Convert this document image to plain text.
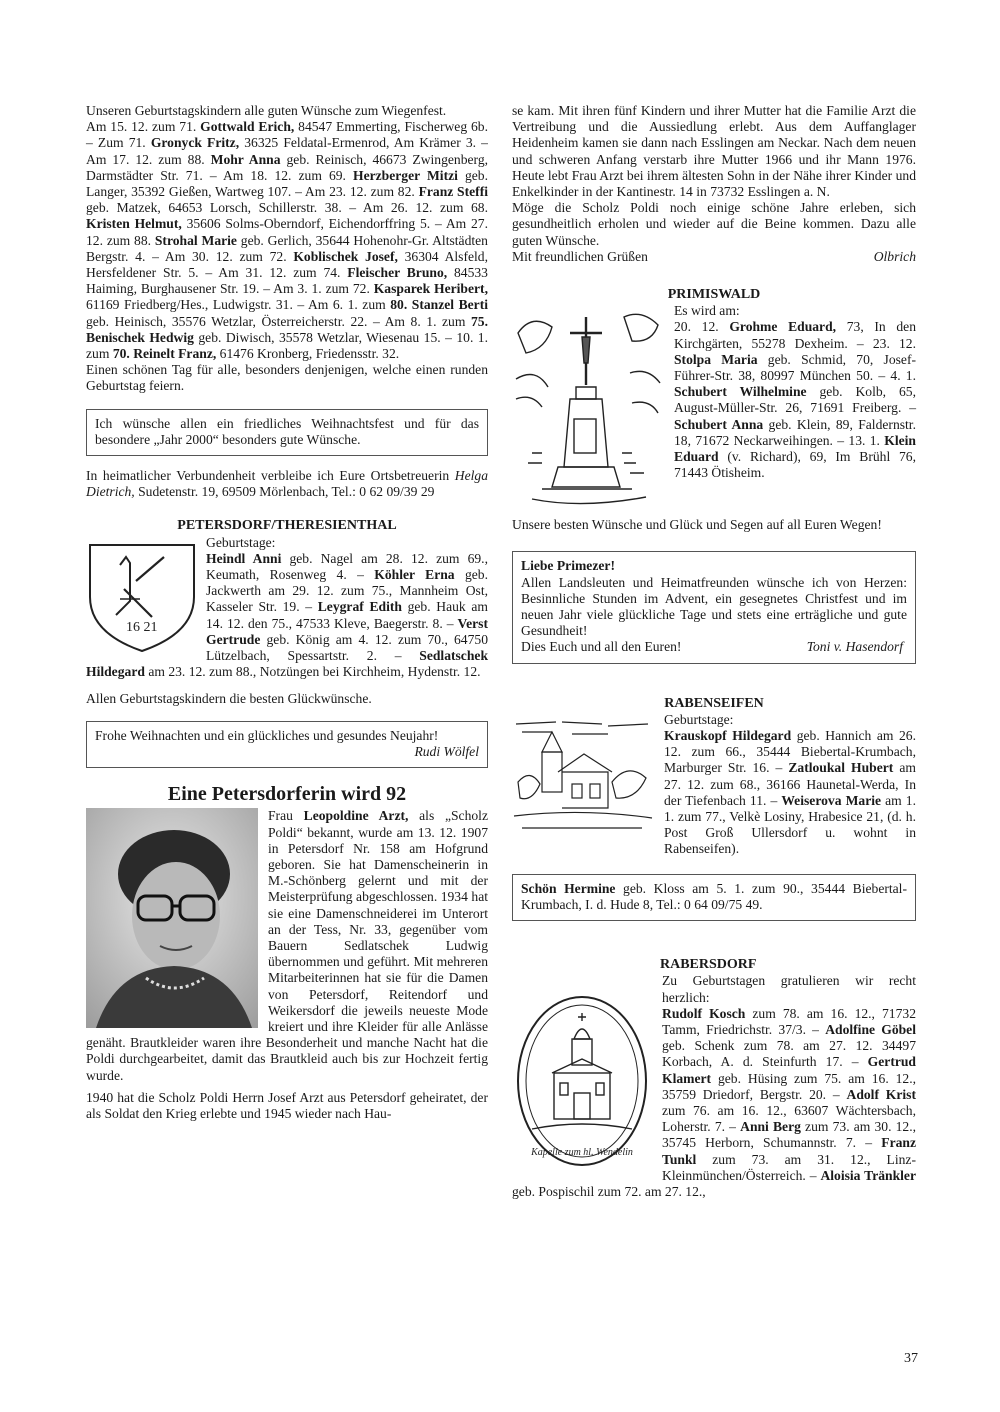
Unseren Geburtstagskindern alle guten Wünsche zum Wiegenfest.

Am 15. 12. zum 71. Gottwald Erich, 84547 Emmerting, Fischerweg 6b. – Zum 71. Gronyck Fritz, 36325 Feldatal-Ermenrod, Am Krämer 3. – Am 17. 12. zum 88. Mohr Anna geb. Reinisch, 46673 Zwingenberg, Darmstädter Str. 71. – Am 18. 12. zum 69. Herzberger Mitzi geb. Langer, 35392 Gießen, Wartweg 107. – Am 23. 12. zum 82. Franz Steffi geb. Matzek, 64653 Lorsch, Schillerstr. 38. – Am 26. 12. zum 68. Kristen Helmut, 35606 Solms-Oberndorf, Eichendorffring 5. – Am 27. 12. zum 88. Strohal Marie geb. Gerlich, 35644 Hohenohr-Gr. Altstädten Bergstr. 4. – Am 30. 12. zum 72. Koblischek Josef, 36304 Alsfeld, Hersfeldener Str. 5. – Am 31. 12. zum 74. Fleischer Bruno, 84533 Haiming, Burghausener Str. 19. – Am 3. 1. zum 72. Kasparek Heribert, 61169 Friedberg/Hes., Ludwigstr. 31. – Am 6. 1. zum 80. Stanzel Berti geb. Heinisch, 35576 Wetzlar, Österreicherstr. 22. – Am 8. 1. zum 75. Benischek Hedwig geb. Diwisch, 35578 Wetzlar, Wiesenau 15. – 10. 1. zum 70. Reinelt Franz, 61476 Kronberg, Friedensstr. 32.

Einen schönen Tag für alle, besonders denjenigen, welche einen runden Geburtstag feiern.

Ich wünsche allen ein friedliches Weihnachtsfest und für das besondere „Jahr 2000“ besonders gute Wünsche.

In heimatlicher Verbundenheit verbleibe ich Eure Ortsbetreuerin Helga Dietrich, Sudetenstr. 19, 69509 Mörlenbach, Tel.: 0 62 09/39 29

PETERSDORF/THERESIENTHAL
16 21

Geburtstage:

Heindl Anni geb. Nagel am 28. 12. zum 69., Keumath, Rosenweg 4. – Köhler Erna geb. Jackwerth am 29. 12. zum 75., Mannheim Ost, Kasseler Str. 19. – Leygraf Edith geb. Hauk am 14. 12. den 75., 47533 Kleve, Baegerstr. 8. – Verst Gertrude geb. König am 4. 12. zum 70., 64750 Lützelbach, Spessartstr. 2. – Sedlatschek Hildegard am 23. 12. zum 88., Notzüngen bei Kirchheim, Hydenstr. 12.

Allen Geburtstagskindern die besten Glückwünsche.

Frohe Weihnachten und ein glückliches und gesundes Neujahr!
Rudi Wölfel

Eine Petersdorferin wird 92

Frau Leopoldine Arzt, als „Scholz Poldi“ bekannt, wurde am 13. 12. 1907 in Petersdorf Nr. 158 am Hofgrund geboren. Sie hat Damenscheinerin in M.-Schönberg gelernt und mit der Meisterprüfung abgeschlossen. 1934 hat sie eine Damenschneiderei im Unterort an der Tess, Nr. 33, gegenüber vom Bauern Sedlatschek Ludwig übernommen und geführt. Mit mehreren Mitarbeiterinnen hat sie für die Damen von Petersdorf, Reitendorf und Weikersdorf die jeweils neueste Mode kreiert und ihre Kleider für alle Anlässe genäht. Brautkleider waren ihre Besonderheit und manche Nacht hat die Poldi durchgearbeitet, damit das Brautkleid auch bis zur Hochzeit fertig wurde.

1940 hat die Scholz Poldi Herrn Josef Arzt aus Petersdorf geheiratet, der als Soldat den Krieg erlebte und 1945 wieder nach Hau-

se kam. Mit ihren fünf Kindern und ihrer Mutter hat die Familie Arzt die Vertreibung und die Aussiedlung erlebt. Aus dem Auffanglager Heidenheim kamen sie dann nach Esslingen am Neckar. Nach dem neuen und schweren Anfang verstarb ihre Mutter 1966 und ihr Mann 1976. Heute lebt Frau Arzt bei ihrem ältesten Sohn in der Nähe ihrer Kinder und Enkelkinder in der Kantinestr. 14 in 73732 Esslingen a. N.

Möge die Scholz Poldi noch einige schöne Jahre erleben, sich gesundheitlich erholen und wieder auf die Beine kommen. Dazu alle guten Wünsche.

Mit freundlichen Grüßen	Olbrich

PRIMISWALD

Es wird am:
20. 12. Grohme Eduard, 73, In den Kirchgärten, 55278 Dexheim. – 23. 12. Stolpa Maria geb. Schmid, 70, Josef-Führer-Str. 38, 80997 München 50. – 4. 1. Schubert Wilhelmine geb. Kolb, 65, August-Müller-Str. 26, 71691 Freiberg. – Schubert Anna geb. Klein, 89, Faldernstr. 18, 71672 Neckarweihingen. – 13. 1. Klein Eduard (v. Richard), 69, Im Brühl 76, 71443 Ötisheim.

Unsere besten Wünsche und Glück und Segen auf all Euren Wegen!

Liebe Primezer!

Allen Landsleuten und Heimatfreunden wünsche ich von Herzen: Besinnliche Stunden im Advent, ein gesegnetes Christfest und im neuen Jahr viele glückliche Tage und stets eine erträgliche und gute Gesundheit!

Dies Euch und all den Euren!	Toni v. Hasendorf

RABENSEIFEN

Geburtstage:
Krauskopf Hildegard geb. Hannich am 26. 12. zum 66., 35444 Biebertal-Krumbach, Marburger Str. 16. – Zatloukal Hubert am 27. 12. zum 68., 36166 Haunetal-Werda, In der Tiefenbach 11. – Weiserova Marie am 1. 1. zum 77., Velkè Losiny, Hrabesice 21, (d. h. Post Groß Ullersdorf u. wohnt in Rabenseifen).

Schön Hermine geb. Kloss am 5. 1. zum 90., 35444 Biebertal-Krumbach, I. d. Hude 8, Tel.: 0 64 09/75 49.

RABERSDORF
Kapelle zum hl. Wendelin

Zu Geburtstagen gratulieren wir recht herzlich:
Rudolf Kosch zum 78. am 16. 12., 71732 Tamm, Friedrichstr. 37/3. – Adolfine Göbel geb. Schenk zum 78. am 27. 12. 34497 Korbach, A. d. Steinfurth 17. – Gertrud Klamert geb. Hüsing zum 75. am 16. 12., 35759 Driedorf, Bergstr. 20. – Adolf Krist zum 76. am 16. 12., 63607 Wächtersbach, Loherstr. 7. – Anni Berg zum 73. am 30. 12., 35745 Herborn, Schumannstr. 7. – Franz Tunkl zum 73. am 31. 12., Linz-Kleinmünchen/Österreich. – Aloisia Tränkler geb. Pospischil zum 72. am 27. 12.,

37
